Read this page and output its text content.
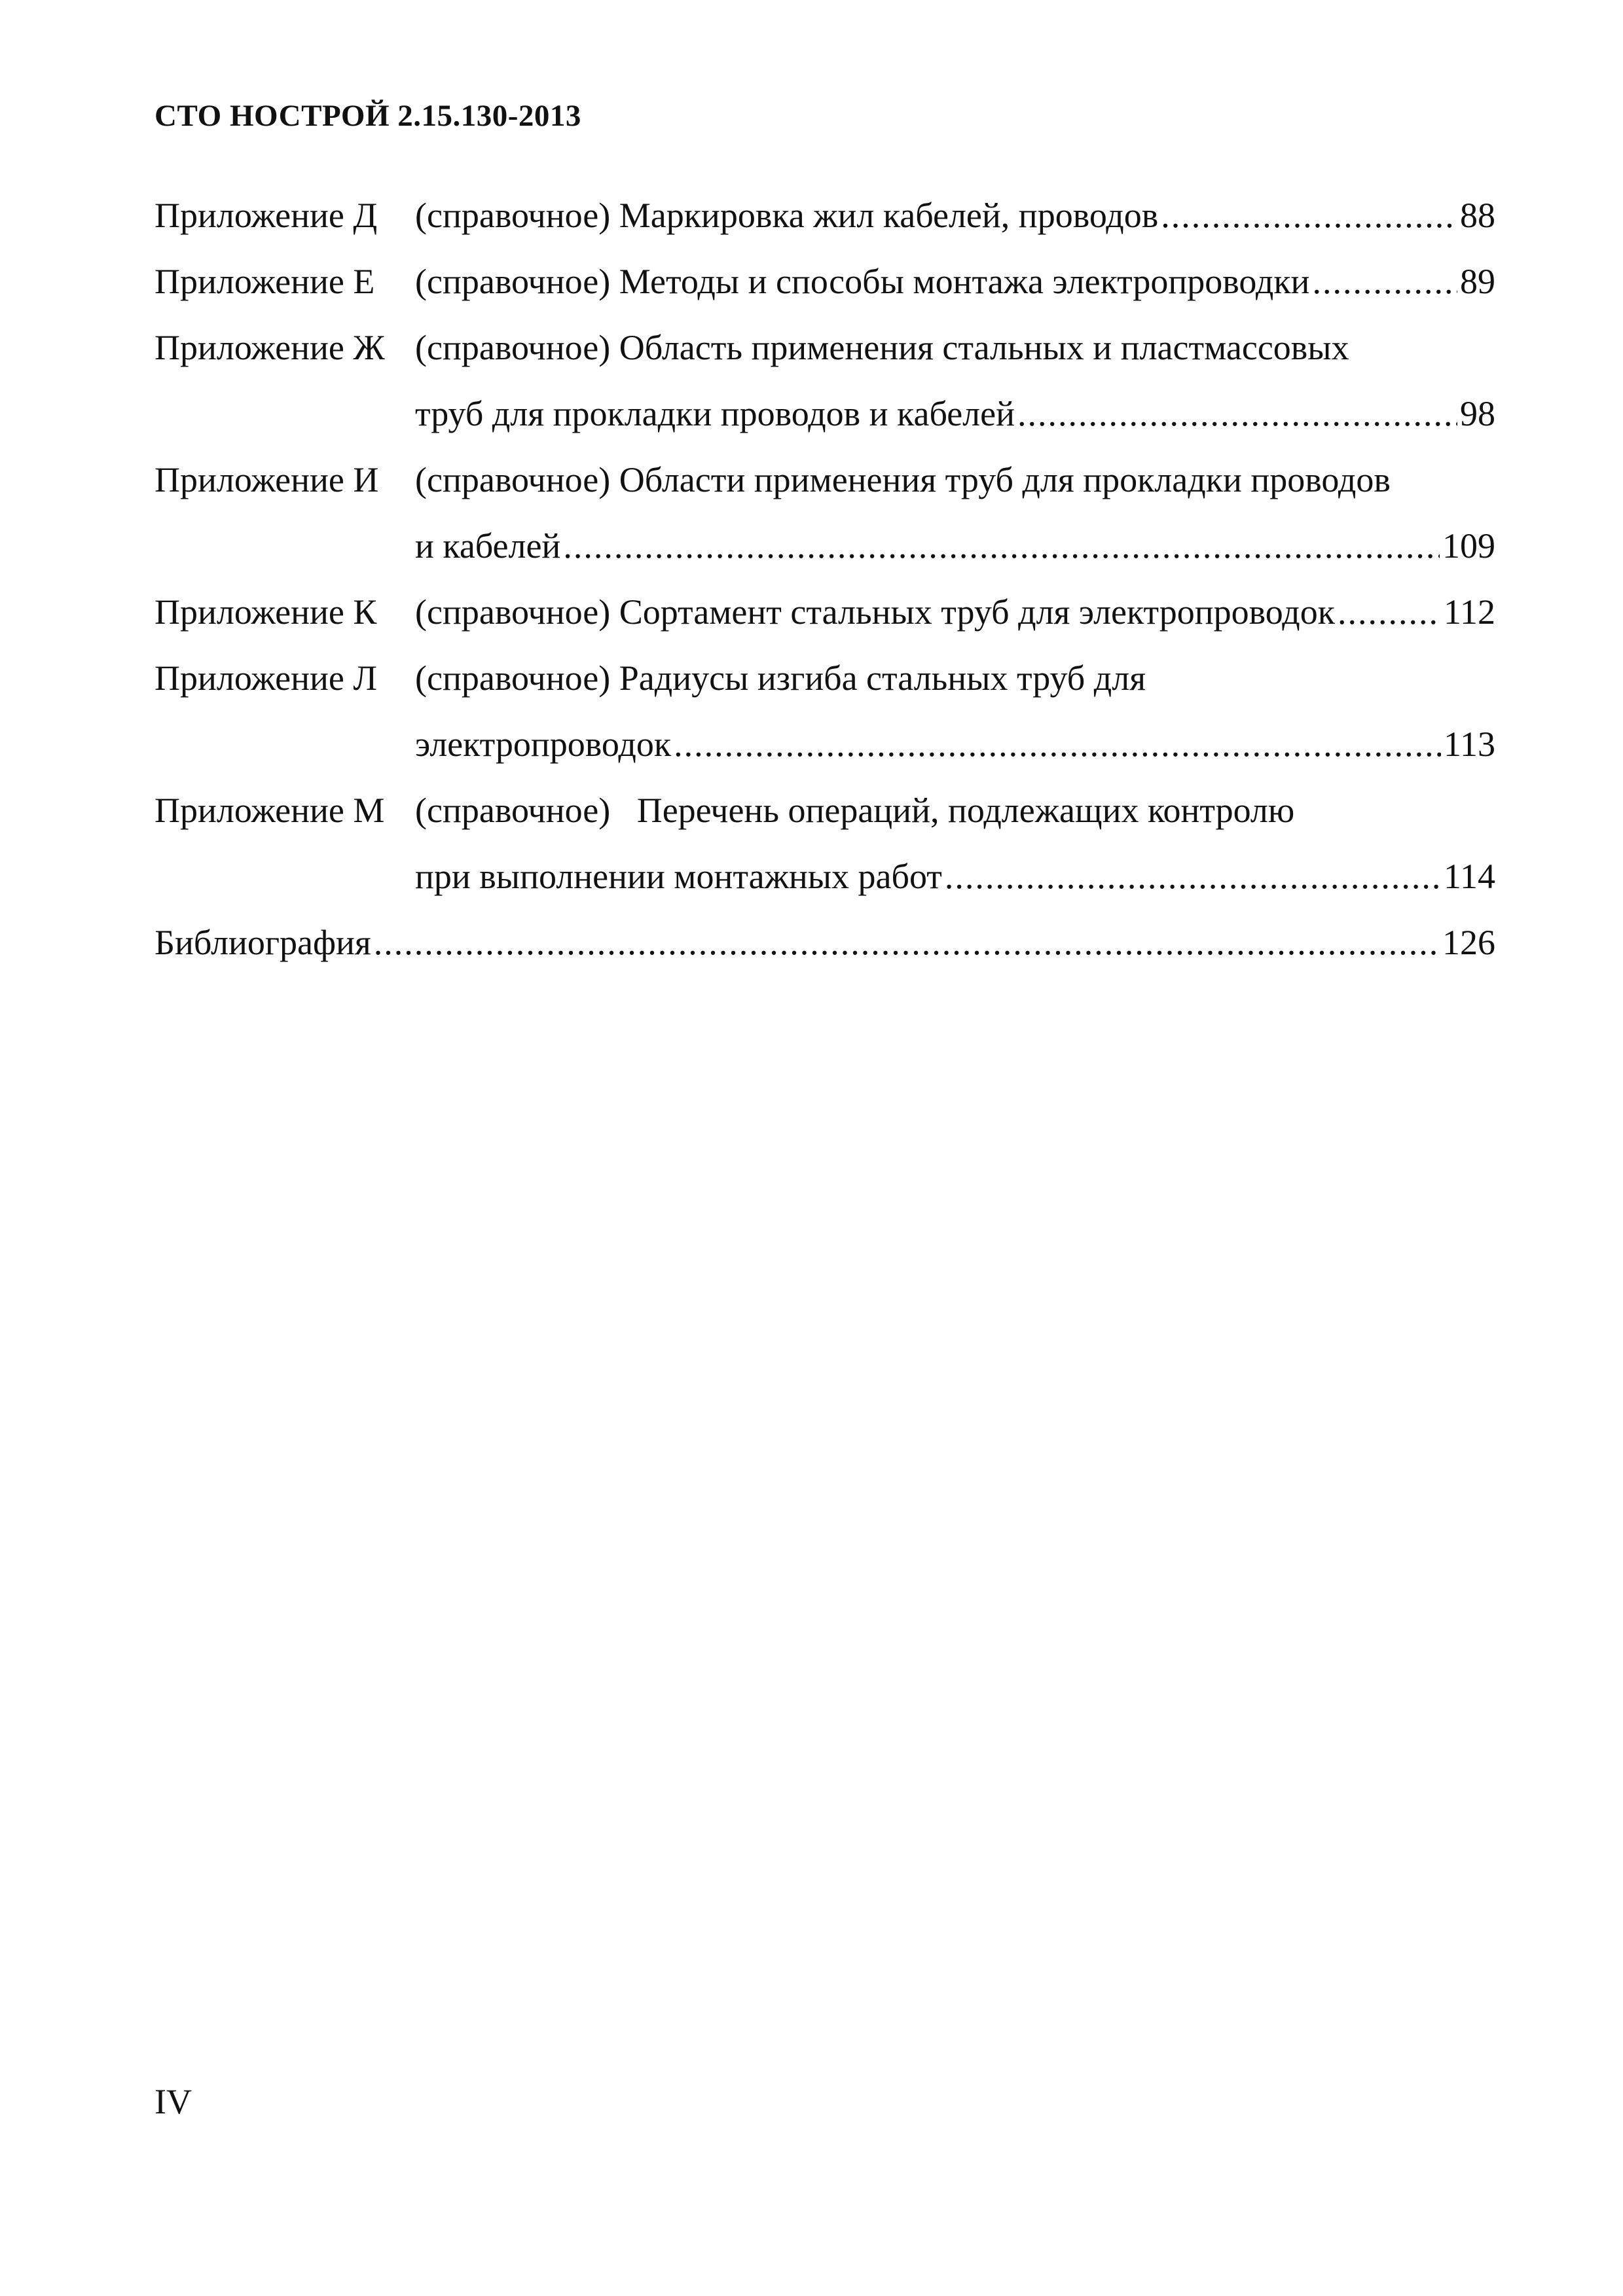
СТО НОСТРОЙ 2.15.130-2013
Приложение Д (справочное) Маркировка жил кабелей, проводов .....	88
Приложение Е (справочное) Методы и способы монтажа электропроводки .....	89
Приложение Ж (справочное) Область применения стальных и пластмассовых
труб для прокладки проводов и кабелей .....	98
Приложение И (справочное) Области применения труб для прокладки проводов
и кабелей .....	109
Приложение К (справочное) Сортамент стальных труб для электропроводок .....	112
Приложение Л (справочное) Радиусы изгиба стальных труб для
электропроводок .....	113
Приложение М (справочное)   Перечень операций, подлежащих контролю
при выполнении монтажных работ .....	114
Библиография .....	126
IV
